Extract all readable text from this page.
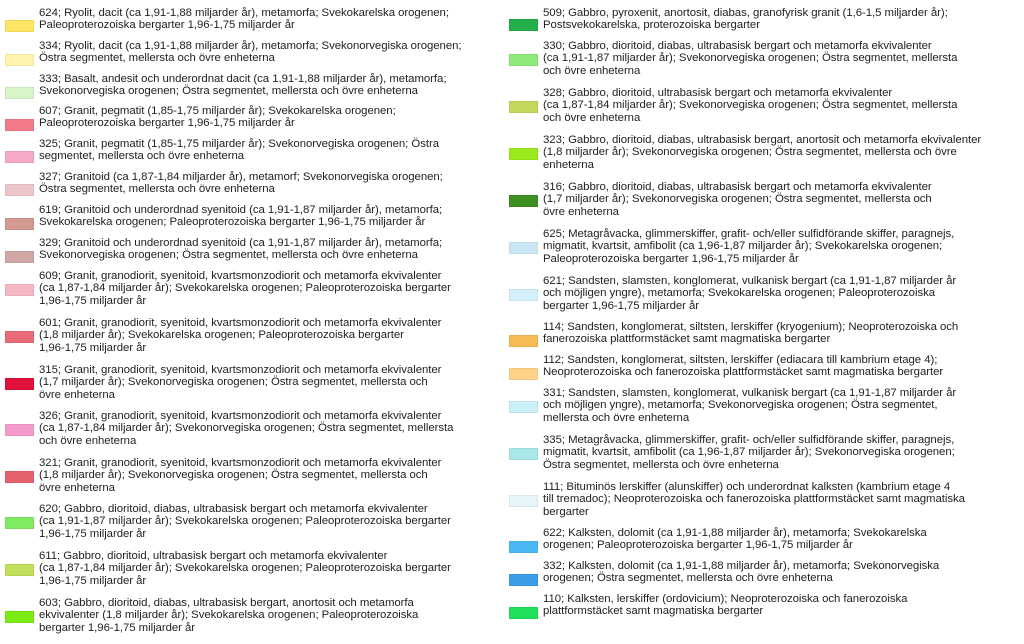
624; Ryolit, dacit (ca 1,91-1,88 miljarder år), metamorfa; Svekokarelska orogenen;
Paleoproterozoiska bergarter 1,96-1,75 miljarder år
334; Ryolit, dacit (ca 1,91-1,88 miljarder år), metamorfa; Svekonorvegiska orogenen;
Östra segmentet, mellersta och övre enheterna
333; Basalt, andesit och underordnat dacit (ca 1,91-1,88 miljarder år), metamorfa;
Svekonorvegiska orogenen; Östra segmentet, mellersta och övre enheterna
607; Granit, pegmatit (1,85-1,75 miljarder år); Svekokarelska orogenen;
Paleoproterozoiska bergarter 1,96-1,75 miljarder år
325; Granit, pegmatit (1,85-1,75 miljarder år); Svekonorvegiska orogenen; Östra
segmentet, mellersta och övre enheterna
327; Granitoid (ca 1,87-1,84 miljarder år), metamorf; Svekonorvegiska orogenen;
Östra segmentet, mellersta och övre enheterna
619; Granitoid och underordnad syenitoid (ca 1,91-1,87 miljarder år), metamorfa;
Svekokarelska orogenen; Paleoproterozoiska bergarter 1,96-1,75 miljarder år
329; Granitoid och underordnad syenitoid (ca 1,91-1,87 miljarder år), metamorfa;
Svekonorvegiska orogenen; Östra segmentet, mellersta och övre enheterna
609; Granit, granodiorit, syenitoid, kvartsmonzodiorit och metamorfa ekvivalenter
(ca 1,87-1,84 miljarder år); Svekokarelska orogenen; Paleoproterozoiska bergarter
1,96-1,75 miljarder år
601; Granit, granodiorit, syenitoid, kvartsmonzodiorit och metamorfa ekvivalenter
(1,8 miljarder år); Svekokarelska orogenen; Paleoproterozoiska bergarter
1,96-1,75 miljarder år
315; Granit, granodiorit, syenitoid, kvartsmonzodiorit och metamorfa ekvivalenter
(1,7 miljarder år); Svekonorvegiska orogenen; Östra segmentet, mellersta och
övre enheterna
326; Granit, granodiorit, syenitoid, kvartsmonzodiorit och metamorfa ekvivalenter
(ca 1,87-1,84 miljarder år); Svekonorvegiska orogenen; Östra segmentet, mellersta
och övre enheterna
321; Granit, granodiorit, syenitoid, kvartsmonzodiorit och metamorfa ekvivalenter
(1,8 miljarder år); Svekonorvegiska orogenen; Östra segmentet, mellersta och
övre enheterna
620; Gabbro, dioritoid, diabas, ultrabasisk bergart och metamorfa ekvivalenter
(ca 1,91-1,87 miljarder år); Svekokarelska orogenen; Paleoproterozoiska bergarter
1,96-1,75 miljarder år
611; Gabbro, dioritoid, ultrabasisk bergart och metamorfa ekvivalenter
(ca 1,87-1,84 miljarder år); Svekokarelska orogenen; Paleoproterozoiska bergarter
1,96-1,75 miljarder år
603; Gabbro, dioritoid, diabas, ultrabasisk bergart, anortosit och metamorfa
ekvivalenter (1,8 miljarder år); Svekokarelska orogenen; Paleoproterozoiska
bergarter 1,96-1,75 miljarder år
509; Gabbro, pyroxenit, anortosit, diabas, granofyrisk granit (1,6-1,5 miljarder år);
Postsvekokarelska, proterozoiska bergarter
330; Gabbro, dioritoid, diabas, ultrabasisk bergart och metamorfa ekvivalenter
(ca 1,91-1,87 miljarder år); Svekonorvegiska orogenen; Östra segmentet, mellersta
och övre enheterna
328; Gabbro, dioritoid, ultrabasisk bergart och metamorfa ekvivalenter
(ca 1,87-1,84 miljarder år); Svekonorvegiska orogenen; Östra segmentet, mellersta
och övre enheterna
323; Gabbro, dioritoid, diabas, ultrabasisk bergart, anortosit och metamorfa ekvivalenter
(1,8 miljarder år); Svekonorvegiska orogenen; Östra segmentet, mellersta och övre
enheterna
316; Gabbro, dioritoid, diabas, ultrabasisk bergart och metamorfa ekvivalenter
(1,7 miljarder år); Svekonorvegiska orogenen; Östra segmentet, mellersta och
övre enheterna
625; Metagråvacka, glimmerskiffer, grafit- och/eller sulfidförande skiffer, paragnejs,
migmatit, kvartsit, amfibolit (ca 1,96-1,87 miljarder år); Svekokarelska orogenen;
Paleoproterozoiska bergarter 1,96-1,75 miljarder år
621; Sandsten, slamsten, konglomerat, vulkanisk bergart (ca 1,91-1,87 miljarder år
och möjligen yngre), metamorfa; Svekokarelska orogenen; Paleoproterozoiska
bergarter 1,96-1,75 miljarder år
114; Sandsten, konglomerat, siltsten, lerskiffer (kryogenium); Neoproterozoiska och
fanerozoiska plattformstäcket samt magmatiska bergarter
112; Sandsten, konglomerat, siltsten, lerskiffer (ediacara till kambrium etage 4);
Neoproterozoiska och fanerozoiska plattformstäcket samt magmatiska bergarter
331; Sandsten, slamsten, konglomerat, vulkanisk bergart (ca 1,91-1,87 miljarder år
och möjligen yngre), metamorfa; Svekonorvegiska orogenen; Östra segmentet,
mellersta och övre enheterna
335; Metagråvacka, glimmerskiffer, grafit- och/eller sulfidförande skiffer, paragnejs,
migmatit, kvartsit, amfibolit (ca 1,96-1,87 miljarder år); Svekonorvegiska orogenen;
Östra segmentet, mellersta och övre enheterna
111; Bituminös lerskiffer (alunskiffer) och underordnat kalksten (kambrium etage 4
till tremadoc); Neoproterozoiska och fanerozoiska plattformstäcket samt magmatiska
bergarter
622; Kalksten, dolomit (ca 1,91-1,88 miljarder år), metamorfa; Svekokarelska
orogenen; Paleoproterozoiska bergarter 1,96-1,75 miljarder år
332; Kalksten, dolomit (ca 1,91-1,88 miljarder år), metamorfa; Svekonorvegiska
orogenen; Östra segmentet, mellersta och övre enheterna
110; Kalksten, lerskiffer (ordovicium); Neoproterozoiska och fanerozoiska
plattformstäcket samt magmatiska bergarter
